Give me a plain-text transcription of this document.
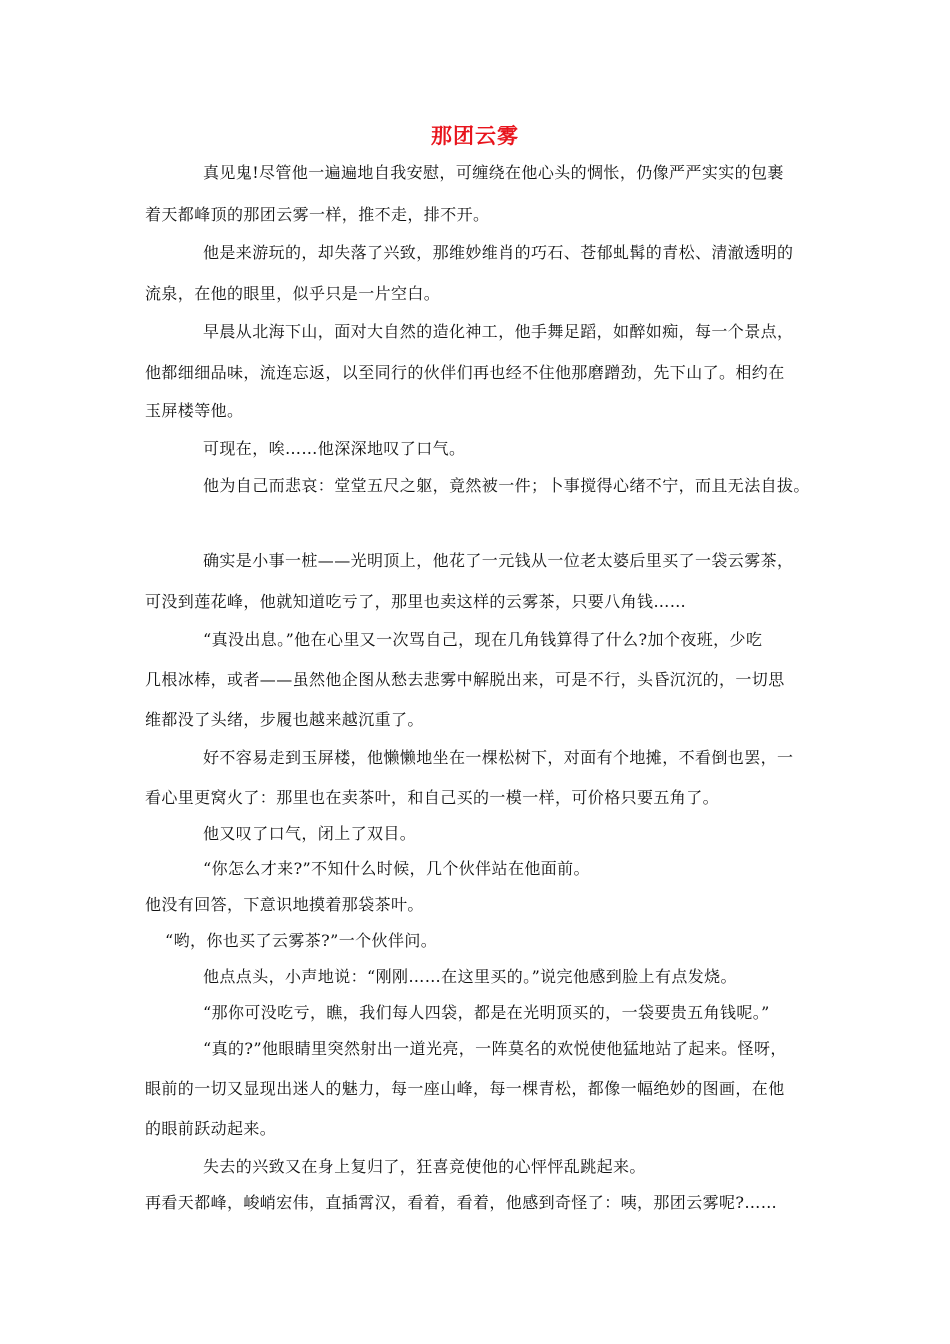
那团云雾
真见鬼!尽管他一遍遍地自我安慰，可缠绕在他心头的惆怅，仍像严严实实的包裹
着天都峰顶的那团云雾一样，推不走，排不开。
他是来游玩的，却失落了兴致，那维妙维肖的巧石、苍郁虬髯的青松、清澈透明的
流泉，在他的眼里，似乎只是一片空白。
早晨从北海下山，面对大自然的造化神工，他手舞足蹈，如醉如痴，每一个景点，
他都细细品味，流连忘返，以至同行的伙伴们再也经不住他那磨蹭劲，先下山了。相约在
玉屏楼等他。
可现在，唉……他深深地叹了口气。
他为自己而悲哀：堂堂五尺之躯，竟然被一件；卜事搅得心绪不宁，而且无法自拔。
确实是小事一桩——光明顶上，他花了一元钱从一位老太婆后里买了一袋云雾茶，
可没到莲花峰，他就知道吃亏了，那里也卖这样的云雾茶，只要八角钱……
“真没出息。”他在心里又一次骂自己，现在几角钱算得了什么?加个夜班，少吃
几根冰棒，或者——虽然他企图从愁去悲雾中解脱出来，可是不行，头昏沉沉的，一切思
维都没了头绪，步履也越来越沉重了。
好不容易走到玉屏楼，他懒懒地坐在一棵松树下，对面有个地摊，不看倒也罢，一
看心里更窝火了：那里也在卖茶叶，和自己买的一模一样，可价格只要五角了。
他又叹了口气，闭上了双目。
“你怎么才来?”不知什么时候，几个伙伴站在他面前。
他没有回答，下意识地摸着那袋茶叶。
“哟，你也买了云雾茶?”一个伙伴问。
他点点头，小声地说：“刚刚……在这里买的。”说完他感到脸上有点发烧。
“那你可没吃亏，瞧，我们每人四袋，都是在光明顶买的，一袋要贵五角钱呢。”
“真的?”他眼睛里突然射出一道光亮，一阵莫名的欢悦使他猛地站了起来。怪呀，
眼前的一切又显现出迷人的魅力，每一座山峰，每一棵青松，都像一幅绝妙的图画，在他
的眼前跃动起来。
失去的兴致又在身上复归了，狂喜竞使他的心怦怦乱跳起来。
再看天都峰，峻峭宏伟，直插霄汉，看着，看着，他感到奇怪了：咦，那团云雾呢?……
